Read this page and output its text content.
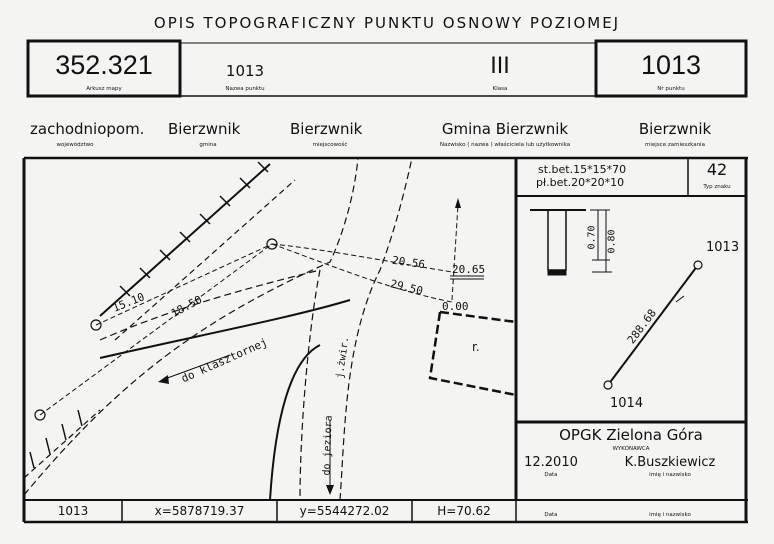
OPIS TOPOGRAFICZNY PUNKTU OSNOWY POZIOMEJ
352.321
Arkusz mapy
1013
Nazwa punktu
III
Klasa
1013
Nr punktu
zachodniopom.
województwo
Bierzwnik
gmina
Bierzwnik
miejscowość
Gmina Bierzwnik
Nazwisko ( nazwa ) właściciela lub użytkownika
Bierzwnik
miejsce zamieszkania
st.bet.15*15*70
pł.bet.20*20*10
42
Typ znaku
0.70 0.80
15.10 18.50
20.56 20.65
29.50
0.00
do klasztornej
do jeziora
j.żwir.	r.
1013
1014
288.68
OPGK Zielona Góra
WYKONAWCA
12.2010
Data
K.Buszkiewicz
imię i nazwisko
1013	x=5878719.37	y=5544272.02	H=70.62	Data	imię i nazwisko
